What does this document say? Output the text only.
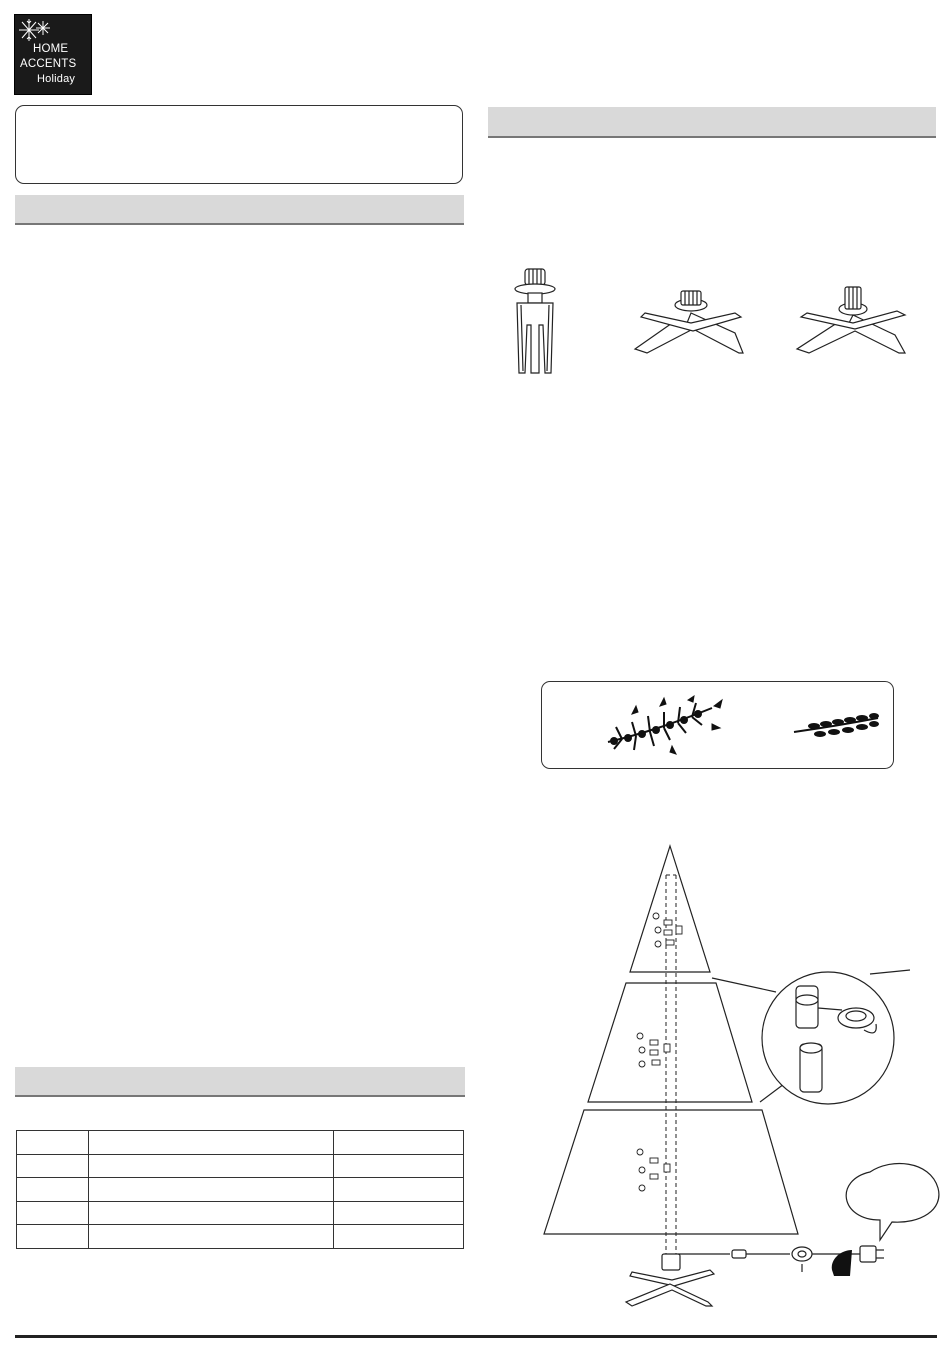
HOME
ACCENTS
Holiday
